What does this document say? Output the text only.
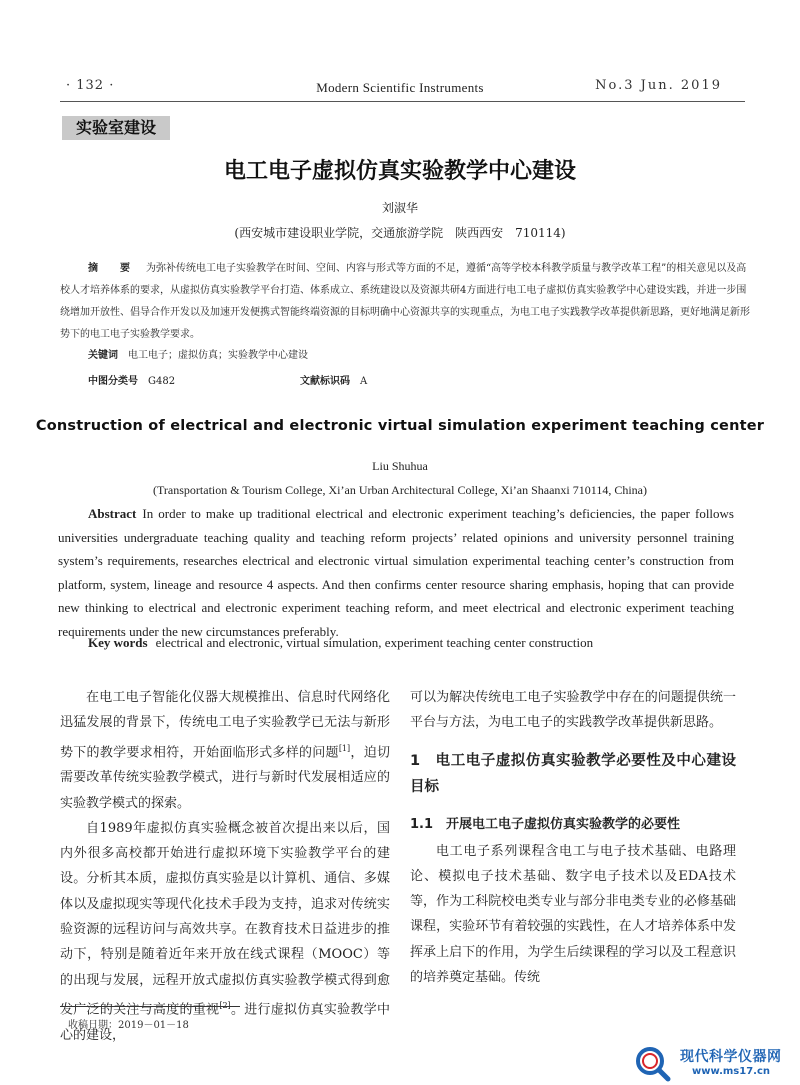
· 132 ·	Modern Scientific Instruments	No.3 Jun. 2019
实验室建设
电工电子虚拟仿真实验教学中心建设
刘淑华
(西安城市建设职业学院，交通旅游学院　陕西西安　710114)
摘　要 为弥补传统电工电子实验教学在时间、空间、内容与形式等方面的不足，遵循“高等学校本科教学质量与教学改革工程”的相关意见以及高校人才培养体系的要求，从虚拟仿真实验教学平台打造、体系成立、系统建设以及资源共研4方面进行电工电子虚拟仿真实验教学中心建设实践，并进一步围绕增加开放性、倡导合作开发以及加速开发便携式智能终端资源的目标明确中心资源共享的实现重点，为电工电子实践教学改革提供新思路，更好地满足新形势下的电工电子实验教学要求。
关键词 电工电子；虚拟仿真；实验教学中心建设
中图分类号 G482	文献标识码 A
Construction of electrical and electronic virtual simulation experiment teaching center
Liu Shuhua
(Transportation & Tourism College, Xi’an Urban Architectural College, Xi’an Shaanxi 710114, China)
Abstract In order to make up traditional electrical and electronic experiment teaching’s deficiencies, the paper follows universities undergraduate teaching quality and teaching reform projects’ related opinions and university personnel training system’s requirements, researches electrical and electronic virtual simulation experimental teaching center’s construction from platform, system, lineage and resource 4 aspects. And then confirms center resource sharing emphasis, hoping that can provide new thinking to electrical and electronic experiment teaching reform, and meet electrical and electronic experiment teaching requirements under the new circumstances preferably.
Key words electrical and electronic, virtual simulation, experiment teaching center construction

在电工电子智能化仪器大规模推出、信息时代网络化迅猛发展的背景下，传统电工电子实验教学已无法与新形势下的教学要求相符，开始面临形式多样的问题[1]，迫切需要改革传统实验教学模式，进行与新时代发展相适应的实验教学模式的探索。

自1989年虚拟仿真实验概念被首次提出来以后，国内外很多高校都开始进行虚拟环境下实验教学平台的建设。分析其本质，虚拟仿真实验是以计算机、通信、多媒体以及虚拟现实等现代化技术手段为支持，追求对传统实验资源的远程访问与高效共享。在教育技术日益进步的推动下，特别是随着近年来开放在线式课程（MOOC）等的出现与发展，远程开放式虚拟仿真实验教学模式得到愈发广泛的关注与高度的重视[2]。进行虚拟仿真实验教学中心的建设，

可以为解决传统电工电子实验教学中存在的问题提供统一平台与方法，为电工电子的实践教学改革提供新思路。

1　电工电子虚拟仿真实验教学必要性及中心建设目标
1.1　开展电工电子虚拟仿真实验教学的必要性

电工电子系列课程含电工与电子技术基础、电路理论、模拟电子技术基础、数字电子技术以及EDA技术等，作为工科院校电类专业与部分非电类专业的必修基础课程，实验环节有着较强的实践性，在人才培养体系中发挥承上启下的作用，为学生后续课程的学习以及工程意识的培养奠定基础。传统

收稿日期：2019－01－18
现代科学仪器网
www.ms17.cn
